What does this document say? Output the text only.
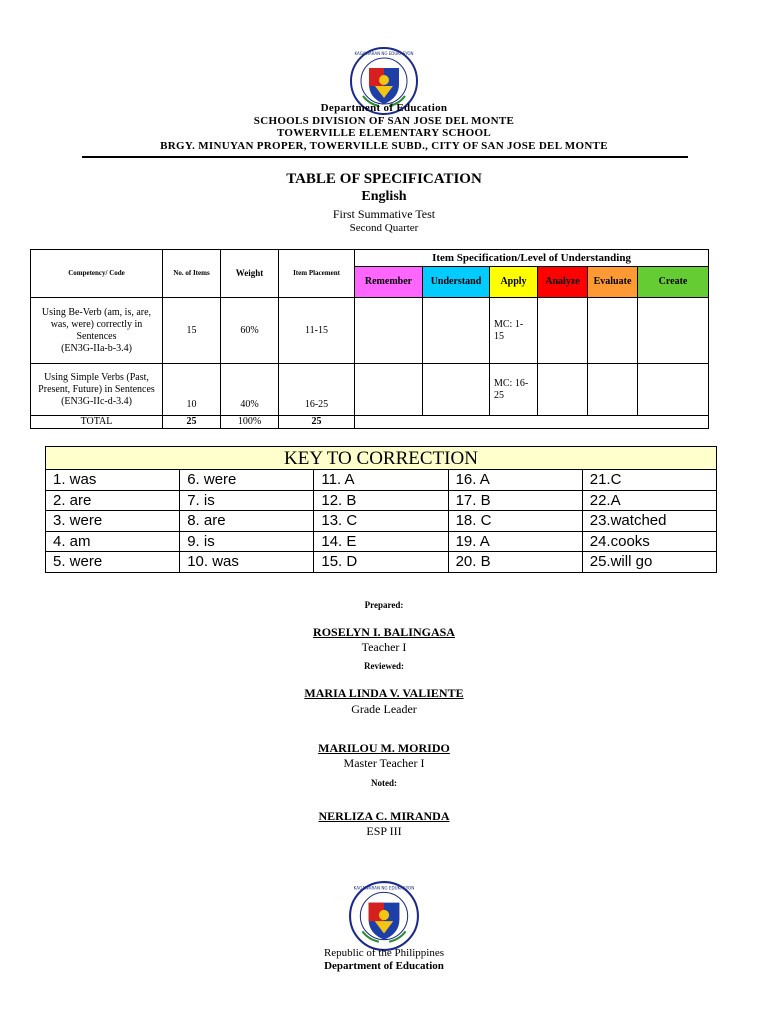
KAGAWARAN NG EDUKASYON
Department of Education
SCHOOLS DIVISION OF SAN JOSE DEL MONTE
TOWERVILLE ELEMENTARY SCHOOL
BRGY. MINUYAN PROPER, TOWERVILLE SUBD., CITY OF SAN JOSE DEL MONTE
TABLE OF SPECIFICATION
English
First Summative Test
Second Quarter
Competency/ Code	No. of Items	Weight	Item Placement	Item Specification/Level of Understanding					
				Remember	Understand	Apply	Analyze	Evaluate	Create

Using Be-Verb (am, is, are, was, were) correctly in Sentences
(EN3G-IIa-b-3.4)	15	60%	11-15			MC: 1-15			

Using Simple Verbs (Past, Present, Future) in Sentences
(EN3G-IIc-d-3.4)	10	40%	16-25			MC: 16-25			
TOTAL	25	100%	25						
KEY TO CORRECTION				
1. was	6. were	11. A	16. A	21.C
2. are	7. is	12. B	17. B	22.A
3. were	8. are	13. C	18. C	23.watched
4. am	9. is	14. E	19. A	24.cooks
5. were	10. was	15. D	20. B	25.will go
Prepared:
ROSELYN I. BALINGASA
Teacher I
Reviewed:
MARIA LINDA V. VALIENTE
Grade Leader
MARILOU M. MORIDO
Master Teacher I
Noted:
NERLIZA C. MIRANDA
ESP III
KAGAWARAN NG EDUKASYON
Republic of the Philippines
Department of Education
